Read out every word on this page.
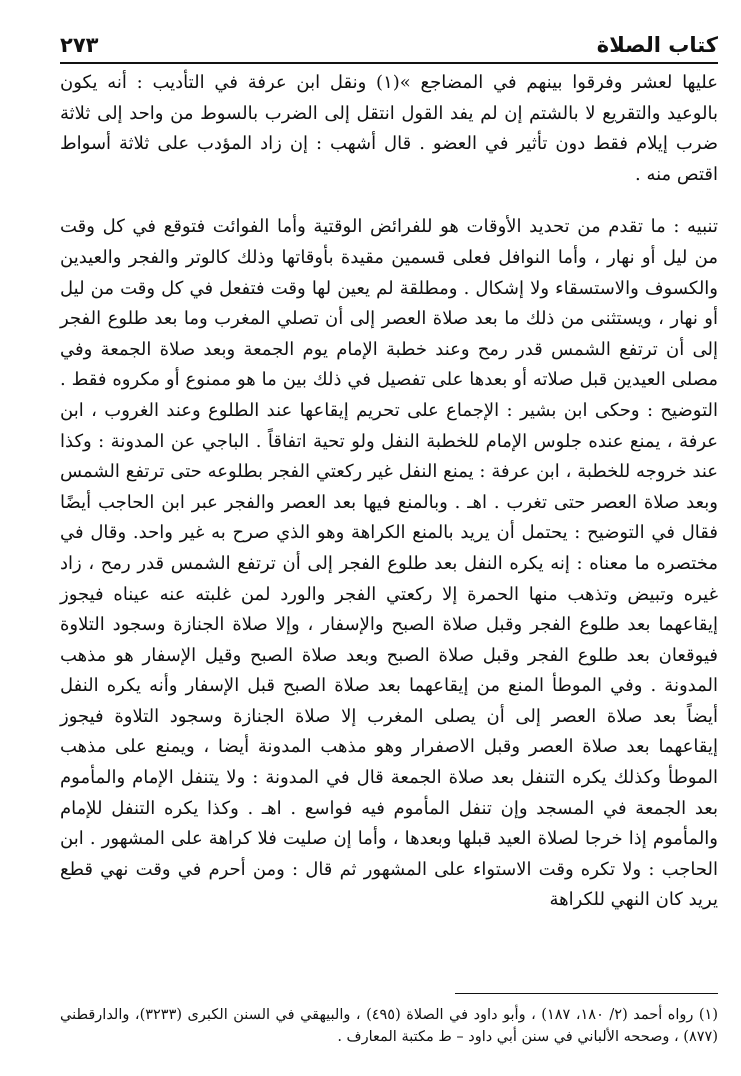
كتاب الصلاة
٢٧٣

عليها لعشر وفرقوا بينهم في المضاجع »(١) ونقل ابن عرفة في التأديب : أنه يكون بالوعيد والتقريع لا بالشتم إن لم يفد القول انتقل إلى الضرب بالسوط من واحد إلى ثلاثة ضرب إيلام فقط دون تأثير في العضو . قال أشهب : إن زاد المؤدب على ثلاثة أسواط اقتص منه .

تنبيه : ما تقدم من تحديد الأوقات هو للفرائض الوقتية وأما الفوائت فتوقع في كل وقت من ليل أو نهار ، وأما النوافل فعلى قسمين مقيدة بأوقاتها وذلك كالوتر والفجر والعيدين والكسوف والاستسقاء ولا إشكال . ومطلقة لم يعين لها وقت فتفعل في كل وقت من ليل أو نهار ، ويستثنى من ذلك ما بعد صلاة العصر إلى أن تصلي المغرب وما بعد طلوع الفجر إلى أن ترتفع الشمس قدر رمح وعند خطبة الإمام يوم الجمعة وبعد صلاة الجمعة وفي مصلى العيدين قبل صلاته أو بعدها على تفصيل في ذلك بين ما هو ممنوع أو مكروه فقط . التوضيح : وحكى ابن بشير : الإجماع على تحريم إيقاعها عند الطلوع وعند الغروب ، ابن عرفة ، يمنع عنده جلوس الإمام للخطبة النفل ولو تحية اتفاقاً . الباجي عن المدونة : وكذا عند خروجه للخطبة ، ابن عرفة : يمنع النفل غير ركعتي الفجر بطلوعه حتى ترتفع الشمس وبعد صلاة العصر حتى تغرب . اهـ . وبالمنع فيها بعد العصر والفجر عبر ابن الحاجب أيضًا فقال في التوضيح : يحتمل أن يريد بالمنع الكراهة وهو الذي صرح به غير واحد. وقال في مختصره ما معناه : إنه يكره النفل بعد طلوع الفجر إلى أن ترتفع الشمس قدر رمح ، زاد غيره وتبيض وتذهب منها الحمرة إلا ركعتي الفجر والورد لمن غلبته عنه عيناه فيجوز إيقاعهما بعد طلوع الفجر وقبل صلاة الصبح والإسفار ، وإلا صلاة الجنازة وسجود التلاوة فيوقعان بعد طلوع الفجر وقبل صلاة الصبح وبعد صلاة الصبح وقيل الإسفار هو مذهب المدونة . وفي الموطأ المنع من إيقاعهما بعد صلاة الصبح قبل الإسفار وأنه يكره النفل أيضاً بعد صلاة العصر إلى أن يصلى المغرب إلا صلاة الجنازة وسجود التلاوة فيجوز إيقاعهما بعد صلاة العصر وقبل الاصفرار وهو مذهب المدونة أيضا ، ويمنع على مذهب الموطأ وكذلك يكره التنفل بعد صلاة الجمعة قال في المدونة : ولا يتنفل الإمام والمأموم بعد الجمعة في المسجد وإن تنفل المأموم فيه فواسع . اهـ . وكذا يكره التنفل للإمام والمأموم إذا خرجا لصلاة العيد قبلها وبعدها ، وأما إن صليت فلا كراهة على المشهور . ابن الحاجب : ولا تكره وقت الاستواء على المشهور ثم قال : ومن أحرم في وقت نهي قطع يريد كان النهي للكراهة

(١) رواه أحمد (٢/ ١٨٠، ١٨٧) ، وأبو داود في الصلاة (٤٩٥) ، والبيهقي في السنن الكبرى (٣٢٣٣)، والدارقطني (٨٧٧) ، وصححه الألباني في سنن أبي داود – ط مكتبة المعارف .
